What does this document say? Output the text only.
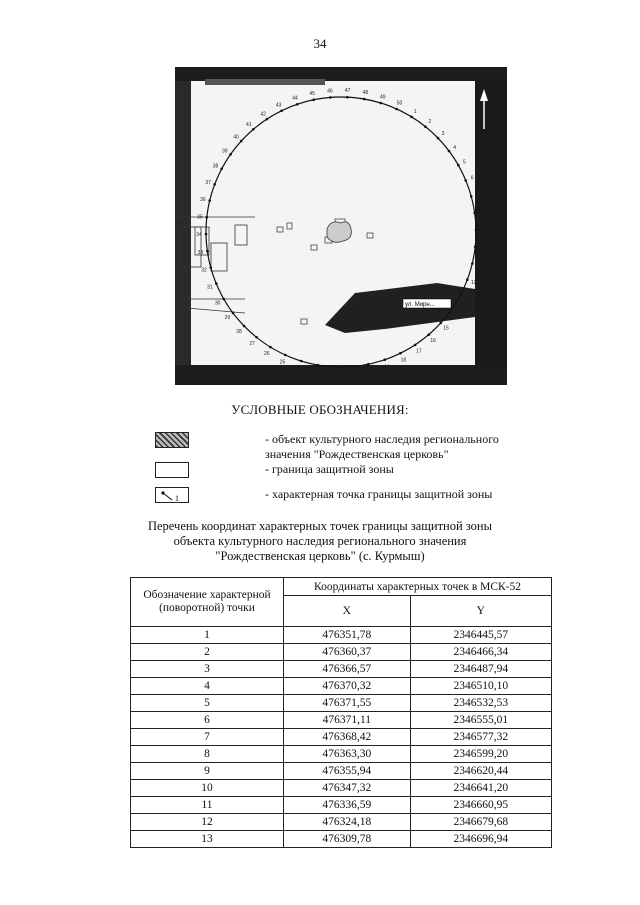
34
ул. Мирн...
1
2
3
4
5
6
7
8
9
10
11
12
13
14
15
16
17
18
19
20
21
22
23
24
25
26
27
28
29
30
31
32
33
34
35
36
37
38
39
40
41
42
43
44
45 46 47 48
49
50
УСЛОВНЫЕ ОБОЗНАЧЕНИЯ:
- объект культурного наследия регионального значения "Рождественская церковь"
- граница защитной зоны
1	- характерная точка границы защитной зоны
Перечень координат характерных точек границы защитной зоны
объекта культурного наследия регионального значения
"Рождественская церковь" (с. Курмыш)
Обозначение характерной (поворотной) точки	Координаты характерных точек в МСК-52	
	X	Y
1	476351,78	2346445,57
2	476360,37	2346466,34
3	476366,57	2346487,94
4	476370,32	2346510,10
5	476371,55	2346532,53
6	476371,11	2346555,01
7	476368,42	2346577,32
8	476363,30	2346599,20
9	476355,94	2346620,44
10	476347,32	2346641,20
11	476336,59	2346660,95
12	476324,18	2346679,68
13	476309,78	2346696,94
